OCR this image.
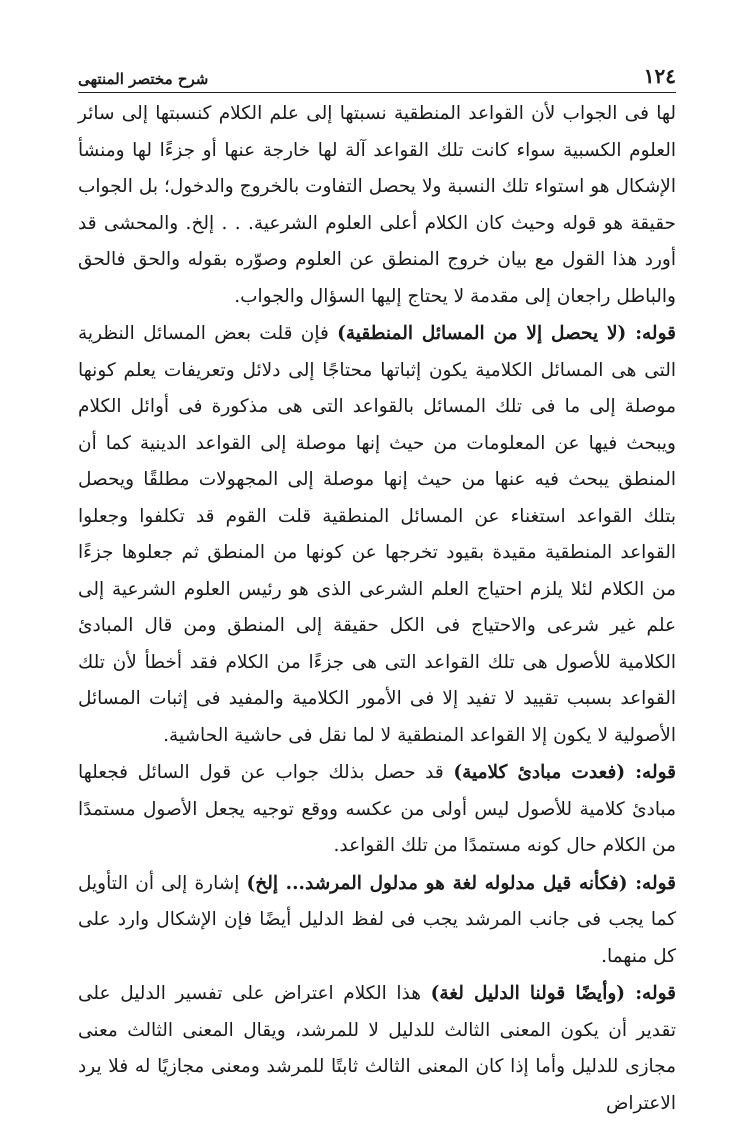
١٢٤
شرح مختصر المنتهى

لها فى الجواب لأن القواعد المنطقية نسبتها إلى علم الكلام كنسبتها إلى سائر العلوم الكسبية سواء كانت تلك القواعد آلة لها خارجة عنها أو جزءًا لها ومنشأ الإشكال هو استواء تلك النسبة ولا يحصل التفاوت بالخروج والدخول؛ بل الجواب حقيقة هو قوله وحيث كان الكلام أعلى العلوم الشرعية. . . إلخ. والمحشى قد أورد هذا القول مع بيان خروج المنطق عن العلوم وصوّره بقوله والحق فالحق والباطل راجعان إلى مقدمة لا يحتاج إليها السؤال والجواب.

قوله: (لا يحصل إلا من المسائل المنطقية) فإن قلت بعض المسائل النظرية التى هى المسائل الكلامية يكون إثباتها محتاجًا إلى دلائل وتعريفات يعلم كونها موصلة إلى ما فى تلك المسائل بالقواعد التى هى مذكورة فى أوائل الكلام ويبحث فيها عن المعلومات من حيث إنها موصلة إلى القواعد الدينية كما أن المنطق يبحث فيه عنها من حيث إنها موصلة إلى المجهولات مطلقًا ويحصل بتلك القواعد استغناء عن المسائل المنطقية قلت القوم قد تكلفوا وجعلوا القواعد المنطقية مقيدة بقيود تخرجها عن كونها من المنطق ثم جعلوها جزءًا من الكلام لئلا يلزم احتياج العلم الشرعى الذى هو رئيس العلوم الشرعية إلى علم غير شرعى والاحتياج فى الكل حقيقة إلى المنطق ومن قال المبادئ الكلامية للأصول هى تلك القواعد التى هى جزءًا من الكلام فقد أخطأ لأن تلك القواعد بسبب تقييد لا تفيد إلا فى الأمور الكلامية والمفيد فى إثبات المسائل الأصولية لا يكون إلا القواعد المنطقية لا لما نقل فى حاشية الحاشية.

قوله: (فعدت مبادئ كلامية) قد حصل بذلك جواب عن قول السائل فجعلها مبادئ كلامية للأصول ليس أولى من عكسه ووقع توجيه يجعل الأصول مستمدًا من الكلام حال كونه مستمدًا من تلك القواعد.

قوله: (فكأنه قيل مدلوله لغة هو مدلول المرشد... إلخ) إشارة إلى أن التأويل كما يجب فى جانب المرشد يجب فى لفظ الدليل أيضًا فإن الإشكال وارد على كل منهما.

قوله: (وأيضًا قولنا الدليل لغة) هذا الكلام اعتراض على تفسير الدليل على تقدير أن يكون المعنى الثالث للدليل لا للمرشد، ويقال المعنى الثالث معنى مجازى للدليل وأما إذا كان المعنى الثالث ثابتًا للمرشد ومعنى مجازيًا له فلا يرد الاعتراض
